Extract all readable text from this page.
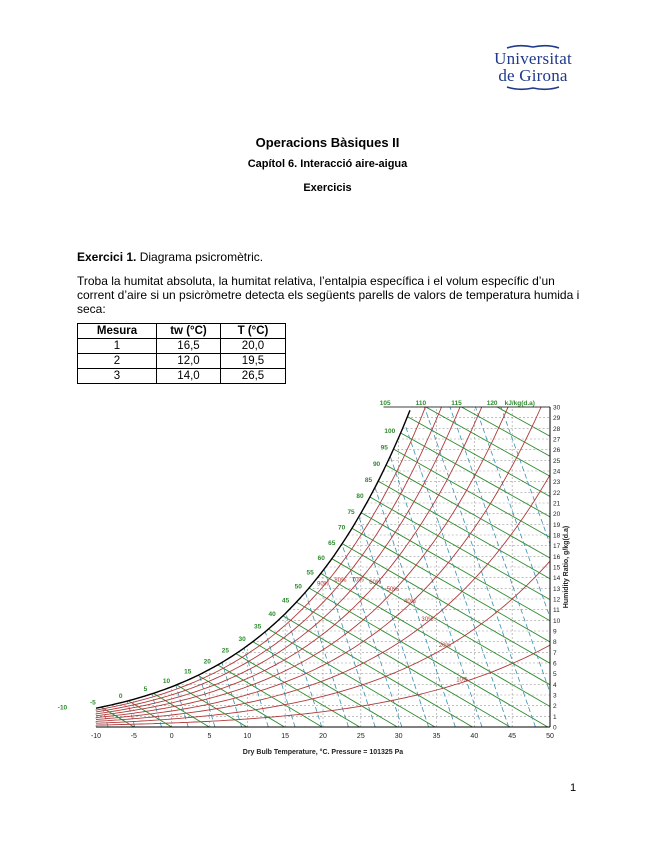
Universitat
de Girona
Operacions Bàsiques II
Capítol 6. Interacció aire-aigua
Exercicis
Exercici 1. Diagrama psicromètric.
Troba la humitat absoluta, la humitat relativa, l’entalpia específica i el volum específic d’un corrent d’aire si un psicròmetre detecta els següents parells de valors de temperatura humida i seca:
Mesura	tw (°C)	T (°C)
1	16,5	20,0
2	12,0	19,5
3	14,0	26,5
-10	-5	0	5	10	15	20	25	30	35	40	45	50
0
1
2
3
4
5
6
7
8
9
10
11
12
13
14
15
16
17
18
19
20
21
22
23
24
25
26
27
28
29
30
-10
-5
0
5
10
15
20
25
30
35
40
45
50
55
60
65
70
75
80
85
90
95
100
105	110	115	120 kJ/kg(d.a)
90%
80% 70% 60%
50%
40%
30%
20%
10%
Dry Bulb Temperature, °C. Pressure = 101325 Pa
Humidity Ratio, g/kg(d.a)
1
